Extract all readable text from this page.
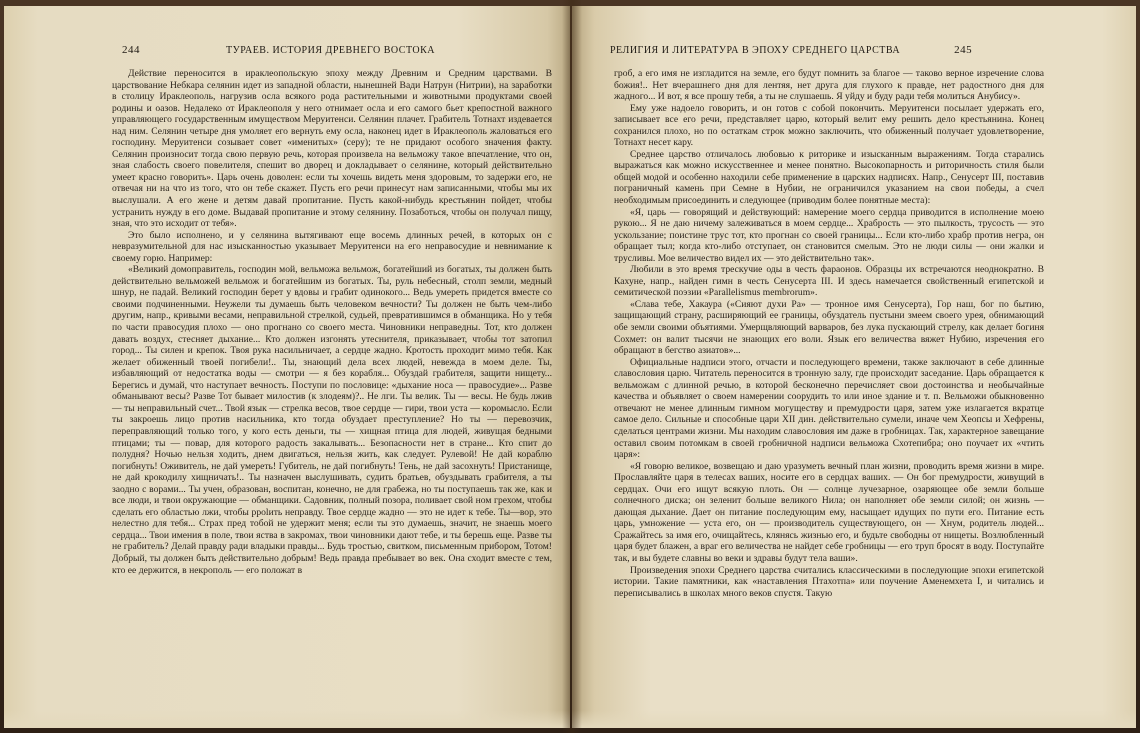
244	ТУРАЕВ. ИСТОРИЯ ДРЕВНЕГО ВОСТОКА

Действие переносится в ираклеопольскую эпоху между Древним и Средним царствами. В царствование Небкара селянин идет из западной области, нынешней Вади Натрун (Нитрии), на заработки в столицу Ираклеополь, нагрузив осла всякого рода растительными и животными продуктами своей родины и оазов. Недалеко от Ираклеополя у него отнимает осла и его самого бьет крепостной важного управляющего государственным имуществом Меруитенси. Селянин плачет. Грабитель Тотнахт издевается над ним. Селянин четыре дня умоляет его вернуть ему осла, наконец идет в Ираклеополь жаловаться его господину. Меруитенси созывает совет «именитых» (серу); те не придают особого значения факту. Селянин произносит тогда свою первую речь, которая произвела на вельможу такое впечатление, что он, зная слабость своего повелителя, спешит во дворец и докладывает о селянине, который действительно умеет красно говорить». Царь очень доволен: если ты хочешь видеть меня здоровым, то задержи его, не отвечая ни на что из того, что он тебе скажет. Пусть его речи принесут нам записанными, чтобы мы их выслушали. А его жене и детям давай пропитание. Пусть какой-нибудь крестьянин пойдет, чтобы устранить нужду в его доме. Выдавай пропитание и этому селянину. Позаботься, чтобы он получал пищу, зная, что это исходит от тебя».

Это было исполнено, и у селянина вытягивают еще восемь длинных речей, в которых он с невразумительной для нас изысканностью указывает Меруитенси на его неправосудие и невнимание к своему горю. Например:

«Великий домоправитель, господин мой, вельможа вельмож, богатейший из богатых, ты должен быть действительно вельможей вельмож и богатейшим из богатых. Ты, руль небесный, столп земли, медный шнур, не падай. Великий господин берет у вдовы и грабит одинокого... Ведь умереть придется вместе со своими подчиненными. Неужели ты думаешь быть человеком вечности? Ты должен не быть чем-либо другим, напр., кривыми весами, неправильной стрелкой, судьей, превратившимся в обманщика. Но у тебя по части правосудия плохо — оно прогнано со своего места. Чиновники неправедны. Тот, кто должен давать воздух, стесняет дыхание... Кто должен изгонять утеснителя, приказывает, чтобы тот затопил город... Ты силен и крепок. Твоя рука насильничает, а сердце жадно. Кротость проходит мимо тебя. Как желает обиженный твоей погибели!.. Ты, знающий дела всех людей, невежда в моем деле. Ты, избавляющий от недостатка воды — смотри — я без корабля... Обуздай грабителя, защити нищету... Берегись и думай, что наступает вечность. Поступи по пословице: «дыхание носа — правосудие»... Разве обманывают весы? Разве Тот бывает милостив (к злодеям)?.. Не лги. Ты велик. Ты — весы. Не будь лжив — ты неправильный счет... Твой язык — стрелка весов, твое сердце — гири, твои уста — коромысло. Если ты закроешь лицо против насильника, кто тогда обуздает преступление? Но ты — перевозчик, переправляющий только того, у кого есть деньги, ты — хищная птица для людей, живущая бедными птицами; ты — повар, для которого радость закалывать... Безопасности нет в стране... Кто спит до полудня? Ночью нельзя ходить, днем двигаться, нельзя жить, как следует. Рулевой! Не дай кораблю погибнуть! Оживитель, не дай умереть! Губитель, не дай погибнуть! Тень, не дай засохнуть! Пристанище, не дай крокодилу хищничать!.. Ты назначен выслушивать, судить братьев, обуздывать грабителя, а ты заодно с ворами... Ты учен, образован, воспитан, конечно, не для грабежа, но ты поступаешь так же, как и все люди, и твои окружающие — обманщики. Садовник, полный позора, поливает свой ном грехом, чтобы сделать его областью лжи, чтобы рpolить неправду. Твое сердце жадно — это не идет к тебе. Ты—вор, это нелестно для тебя... Страх пред тобой не удержит меня; если ты это думаешь, значит, не знаешь моего сердца... Твои имения в поле, твои яства в закромах, твои чиновники дают тебе, и ты берешь еще. Разве ты не грабитель? Делай правду ради владыки правды... Будь тростью, свитком, письменным прибором, Тотом! Добрый, ты должен быть действительно добрым! Ведь правда пребывает во век. Она сходит вместе с тем, кто ее держится, в некрополь — его положат в

РЕЛИГИЯ И ЛИТЕРАТУРА В ЭПОХУ СРЕДНЕГО ЦАРСТВА	245

гроб, а его имя не изгладится на земле, его будут помнить за благое — таково верное изречение слова божия!.. Нет вчерашнего дня для лентяя, нет друга для глухого к правде, нет радостного дня для жадного... И вот, я все прошу тебя, а ты не слушаешь. Я уйду и буду ради тебя молиться Анубису».

Ему уже надоело говорить, и он готов с собой покончить. Меруитенси посылает удержать его, записывает все его речи, представляет царю, который велит ему решить дело крестьянина. Конец сохранился плохо, но по остаткам строк можно заключить, что обиженный получает удовлетворение, Тотнахт несет кару.

Среднее царство отличалось любовью к риторике и изысканным выражениям. Тогда старались выражаться как можно искусственнее и менее понятно. Высокопарность и риторичность стиля были общей модой и особенно находили себе применение в царских надписях. Напр., Сенусерт III, поставив пограничный камень при Семне в Нубии, не ограничился указанием на свои победы, а счел необходимым присоединить и следующее (приводим более понятные места):

«Я, царь — говорящий и действующий: намерение моего сердца приводится в исполнение моею рукою... Я не даю ничему залеживаться в моем сердце... Храбрость — это пылкость, трусость — это ускользание; поистине трус тот, кто прогнан со своей границы... Если кто-либо храбр против негра, он обращает тыл; когда кто-либо отступает, он становится смелым. Это не люди силы — они жалки и трусливы. Мое величество видел их — это действительно так».

Любили в это время трескучие оды в честь фараонов. Образцы их встречаются неоднократно. В Кахуне, напр., найден гимн в честь Сенусерта III. И здесь намечается свойственный египетской и семитической поэзии «Parallelismus membrorum».

«Слава тебе, Хакаура («Сияют духи Ра» — тронное имя Сенусерта), Гор наш, бог по бытию, защищающий страну, расширяющий ее границы, обуздатель пустыни змеем своего урея, обнимающий обе земли своими объятиями. Умерщвляющий варваров, без лука пускающий стрелу, как делает богиня Сохмет: он валит тысячи не знающих его воли. Язык его величества вяжет Нубию, изречения его обращают в бегство азиатов»...

Официальные надписи этого, отчасти и последующего времени, также заключают в себе длинные славословия царю. Читатель переносится в тронную залу, где происходит заседание. Царь обращается к вельможам с длинной речью, в которой бесконечно перечисляет свои достоинства и необычайные качества и объявляет о своем намерении соорудить то или иное здание и т. п. Вельможи обыкновенно отвечают не менее длинным гимном могуществу и премудрости царя, затем уже излагается вкратце самое дело. Сильные и способные цари XII дин. действительно сумели, иначе чем Хеопсы и Хефрены, сделаться центрами жизни. Мы находим славословия им даже в гробницах. Так, характерное завещание оставил своим потомкам в своей гробничной надписи вельможа Схотепибра; оно поучает их «чтить царя»:

«Я говорю великое, возвещаю и даю уразуметь вечный план жизни, проводить время жизни в мире. Прославляйте царя в телесах ваших, носите его в сердцах ваших. — Он бог премудрости, живущий в сердцах. Очи его ищут всякую плоть. Он — солнце лучезарное, озаряющее обе земли больше солнечного диска; он зеленит больше великого Нила; он наполняет обе земли силой; он жизнь — дающая дыхание. Дает он питание последующим ему, насыщает идущих по пути его. Питание есть царь, умножение — уста его, он — производитель существующего, он — Хнум, родитель людей... Сражайтесь за имя его, очищайтесь, клянясь жизнью его, и будьте свободны от нищеты. Возлюбленный царя будет блажен, а враг его величества не найдет себе гробницы — его труп бросят в воду. Поступайте так, и вы будете славны во веки и здравы будут тела ваши».

Произведения эпохи Среднего царства считались классическими в последующие эпохи египетской истории. Такие памятники, как «наставления Птахотпа» или поучение Аменемхета I, и читались и переписывались в школах много веков спустя. Такую
